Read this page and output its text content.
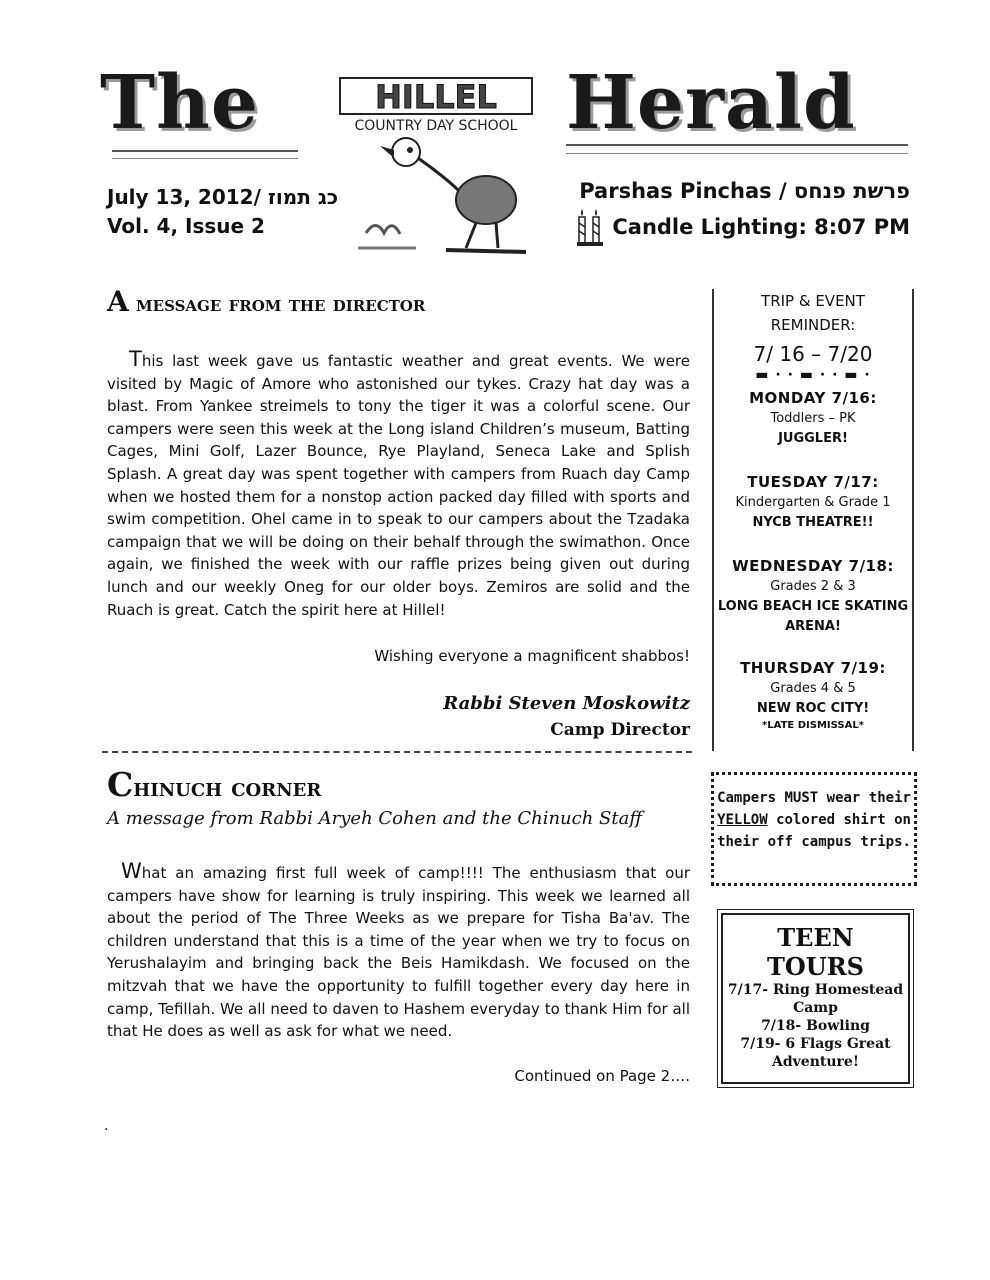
The	HILLEL
COUNTRY DAY SCHOOL Herald
July 13, 2012/ כג תמוז
Vol. 4, Issue 2
Parshas Pinchas / פרשת פנחס
Candle Lighting: 8:07 PM
A message from the director
This last week gave us fantastic weather and great events. We were visited by Magic of Amore who astonished our tykes. Crazy hat day was a blast. From Yankee streimels to tony the tiger it was a colorful scene. Our campers were seen this week at the Long island Children’s museum, Batting Cages, Mini Golf, Lazer Bounce, Rye Playland, Seneca Lake and Splish Splash. A great day was spent together with campers from Ruach day Camp when we hosted them for a nonstop action packed day filled with sports and swim competition. Ohel came in to speak to our campers about the Tzadaka campaign that we will be doing on their behalf through the swimathon. Once again, we finished the week with our raffle prizes being given out during lunch and our weekly Oneg for our older boys. Zemiros are solid and the Ruach is great. Catch the spirit here at Hillel!
Wishing everyone a magnificent shabbos!
Rabbi Steven Moskowitz
Camp Director
Chinuch corner
A message from Rabbi Aryeh Cohen and the Chinuch Staff
What an amazing first full week of camp!!!! The enthusiasm that our campers have show for learning is truly inspiring. This week we learned all about the period of The Three Weeks as we prepare for Tisha Ba'av. The children understand that this is a time of the year when we try to focus on Yerushalayim and bringing back the Beis Hamikdash. We focused on the mitzvah that we have the opportunity to fulfill together every day here in camp, Tefillah. We all need to daven to Hashem everyday to thank Him for all that He does as well as ask for what we need.
Continued on Page 2….
.
TRIP & EVENT
REMINDER:
7/ 16 – 7/20
▬ · · ▬ · · ▬ ·
MONDAY 7/16:
Toddlers – PK
JUGGLER!
TUESDAY 7/17:
Kindergarten & Grade 1
NYCB THEATRE!!
WEDNESDAY 7/18:
Grades 2 & 3
LONG BEACH ICE SKATING ARENA!
THURSDAY 7/19:
Grades 4 & 5
NEW ROC CITY!
*LATE DISMISSAL*
Campers MUST wear their YELLOW colored shirt on their off campus trips.
TEEN
TOURS
7/17- Ring Homestead Camp
7/18- Bowling
7/19- 6 Flags Great Adventure!
